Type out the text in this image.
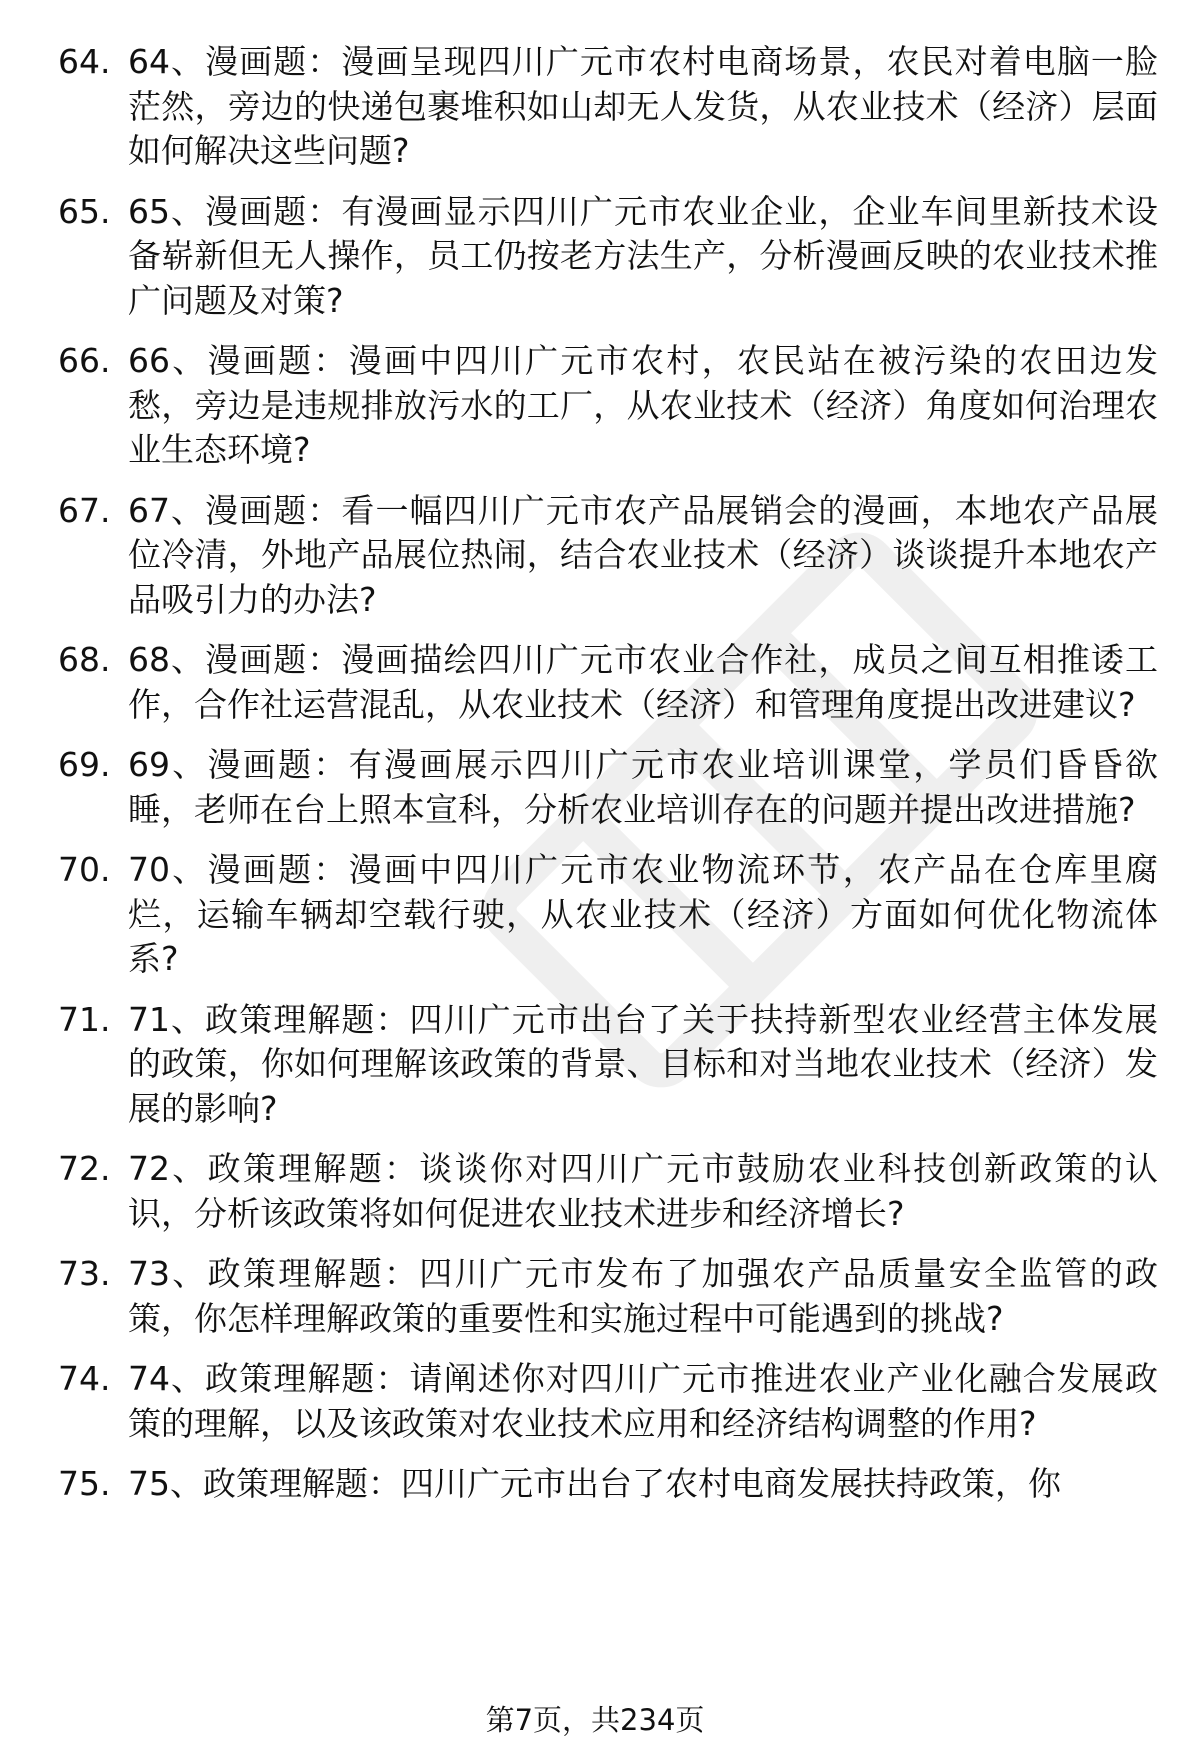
64. 64、漫画题：漫画呈现四川广元市农村电商场景，农民对着电脑一脸茫然，旁边的快递包裹堆积如山却无人发货，从农业技术（经济）层面如何解决这些问题?
65. 65、漫画题：有漫画显示四川广元市农业企业，企业车间里新技术设备崭新但无人操作，员工仍按老方法生产，分析漫画反映的农业技术推广问题及对策?
66. 66、漫画题：漫画中四川广元市农村，农民站在被污染的农田边发愁，旁边是违规排放污水的工厂，从农业技术（经济）角度如何治理农业生态环境?
67. 67、漫画题：看一幅四川广元市农产品展销会的漫画，本地农产品展位冷清，外地产品展位热闹，结合农业技术（经济）谈谈提升本地农产品吸引力的办法?
68. 68、漫画题：漫画描绘四川广元市农业合作社，成员之间互相推诿工作，合作社运营混乱，从农业技术（经济）和管理角度提出改进建议?
69. 69、漫画题：有漫画展示四川广元市农业培训课堂，学员们昏昏欲睡，老师在台上照本宣科，分析农业培训存在的问题并提出改进措施?
70. 70、漫画题：漫画中四川广元市农业物流环节，农产品在仓库里腐烂，运输车辆却空载行驶，从农业技术（经济）方面如何优化物流体系?
71. 71、政策理解题：四川广元市出台了关于扶持新型农业经营主体发展的政策，你如何理解该政策的背景、目标和对当地农业技术（经济）发展的影响?
72. 72、政策理解题：谈谈你对四川广元市鼓励农业科技创新政策的认识，分析该政策将如何促进农业技术进步和经济增长?
73. 73、政策理解题：四川广元市发布了加强农产品质量安全监管的政策，你怎样理解政策的重要性和实施过程中可能遇到的挑战?
74. 74、政策理解题：请阐述你对四川广元市推进农业产业化融合发展政策的理解，以及该政策对农业技术应用和经济结构调整的作用?
75. 75、政策理解题：四川广元市出台了农村电商发展扶持政策，你
第7页，共234页
